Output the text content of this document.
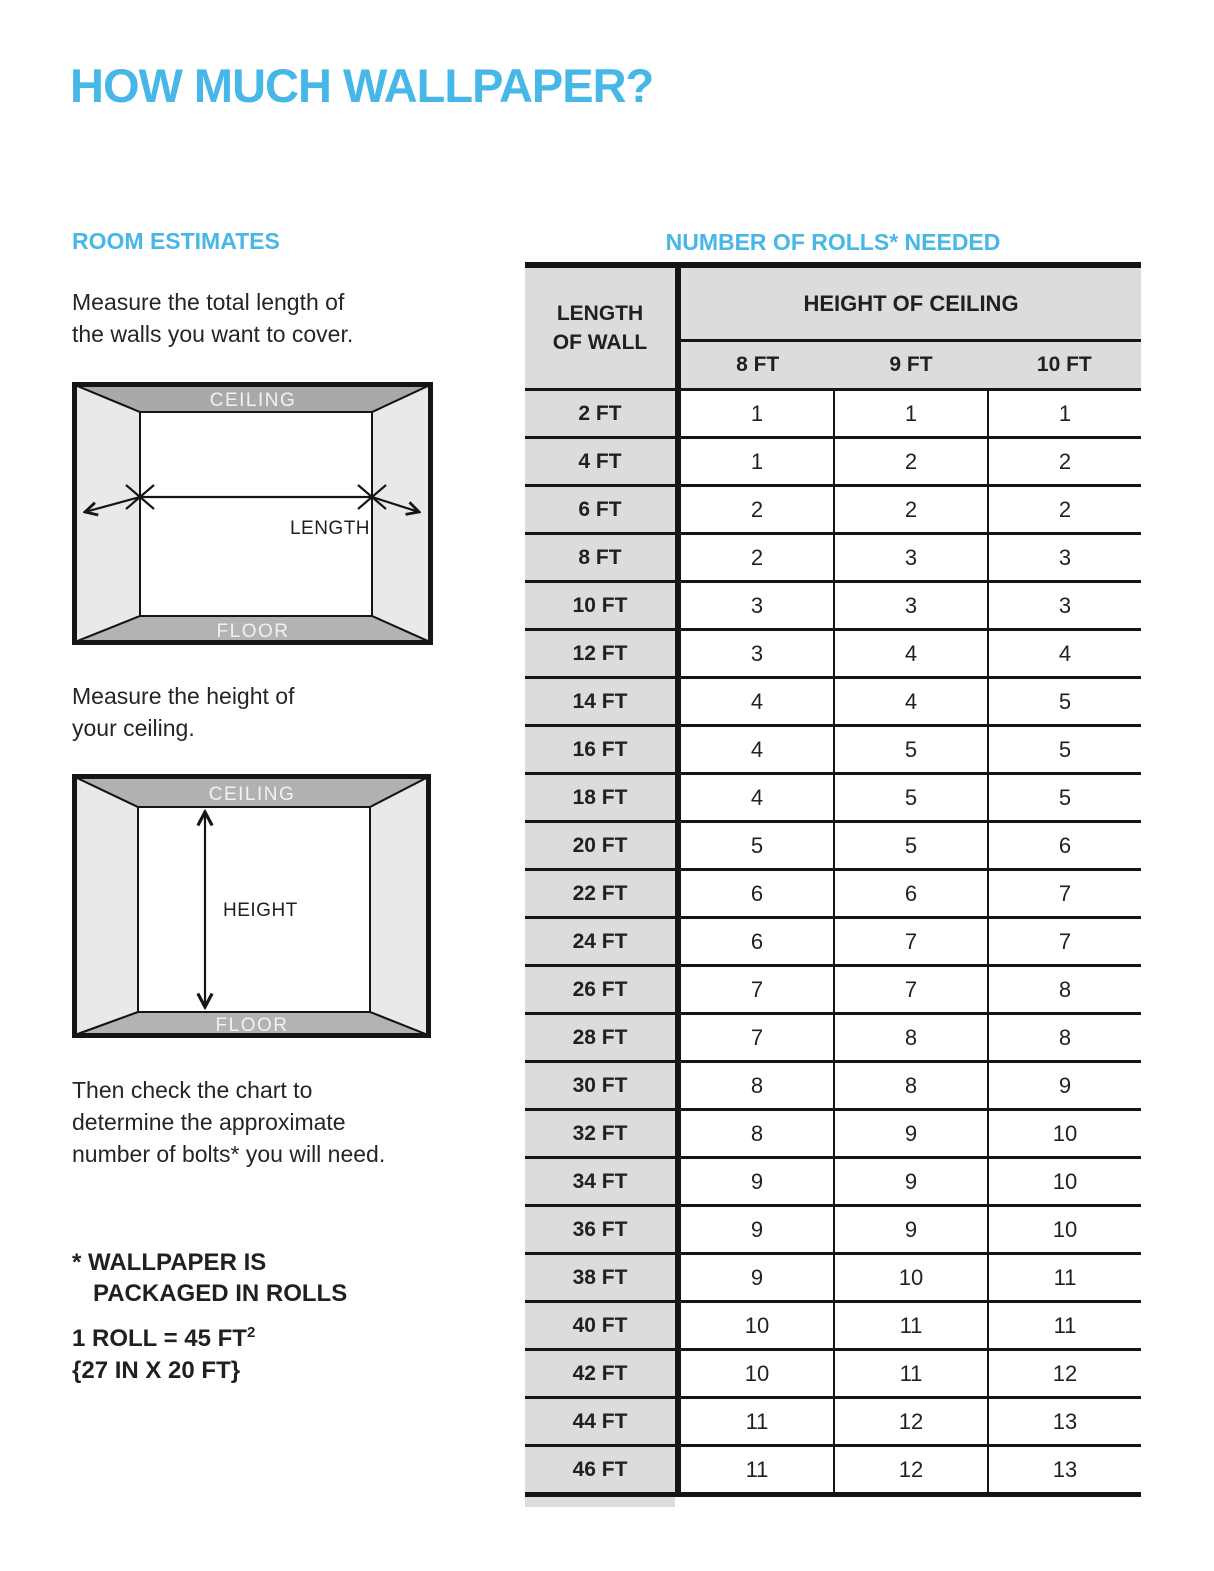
HOW MUCH WALLPAPER?
ROOM ESTIMATES
Measure the total length of
the walls you want to cover.
CEILING
FLOOR
LENGTH
Measure the height of
your ceiling.
CEILING
FLOOR
HEIGHT
Then check the chart to
determine the approximate
number of bolts* you will need.
* WALLPAPER IS
PACKAGED IN ROLLS
1 ROLL = 45 $FT^2$
{27 IN X 20 FT}
NUMBER OF ROLLS* NEEDED
LENGTH
OF WALL
HEIGHT OF CEILING
8 FT	9 FT	10 FT
2 FT	1	1	1
4 FT	1	2	2
6 FT	2	2	2
8 FT	2	3	3
10 FT	3	3	3
12 FT	3	4	4
14 FT	4	4	5
16 FT	4	5	5
18 FT	4	5	5
20 FT	5	5	6
22 FT	6	6	7
24 FT	6	7	7
26 FT	7	7	8
28 FT	7	8	8
30 FT	8	8	9
32 FT	8	9	10
34 FT	9	9	10
36 FT	9	9	10
38 FT	9	10	11
40 FT	10	11	11
42 FT	10	11	12
44 FT	11	12	13
46 FT	11	12	13
